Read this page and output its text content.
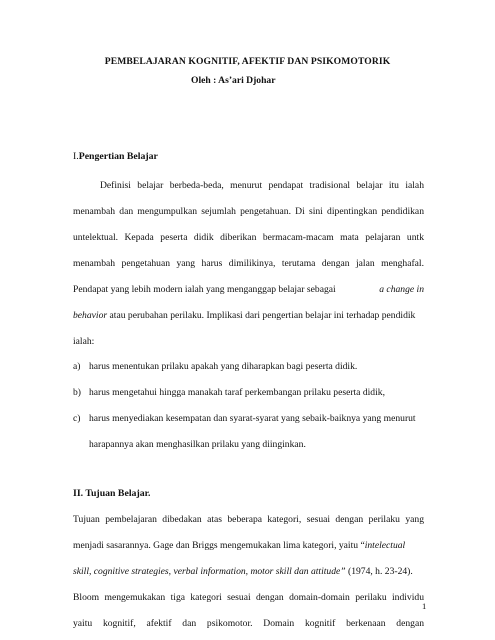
PEMBELAJARAN KOGNITIF, AFEKTIF DAN PSIKOMOTORIK
Oleh : As’ari Djohar
I.Pengertian Belajar
Definisi belajar berbeda-beda, menurut pendapat tradisional belajar itu ialah
menambah dan mengumpulkan sejumlah pengetahuan. Di sini dipentingkan pendidikan
untelektual. Kepada peserta didik diberikan bermacam-macam mata pelajaran untk
menambah pengetahuan yang harus dimilikinya, terutama dengan jalan menghafal.
Pendapat yang lebih modern ialah yang menganggap belajar sebagai	a change in
behavior atau perubahan perilaku. Implikasi dari pengertian belajar ini terhadap pendidik
ialah:
a) harus menentukan prilaku apakah yang diharapkan bagi peserta didik.
b) harus mengetahui hingga manakah taraf perkembangan prilaku peserta didik,
c) harus menyediakan kesempatan dan syarat-syarat yang sebaik-baiknya yang menurut
harapannya akan menghasilkan prilaku yang diinginkan.
II. Tujuan Belajar.
Tujuan pembelajaran dibedakan atas beberapa kategori, sesuai dengan perilaku yang
menjadi sasarannya. Gage dan Briggs mengemukakan lima kategori, yaitu “intelectual
skill, cognitive strategies, verbal information, motor skill dan attitude” (1974, h. 23-24).
Bloom mengemukakan tiga kategori sesuai dengan domain-domain perilaku individu
yaitu kognitif, afektif dan psikomotor. Domain kognitif berkenaan dengan
1
